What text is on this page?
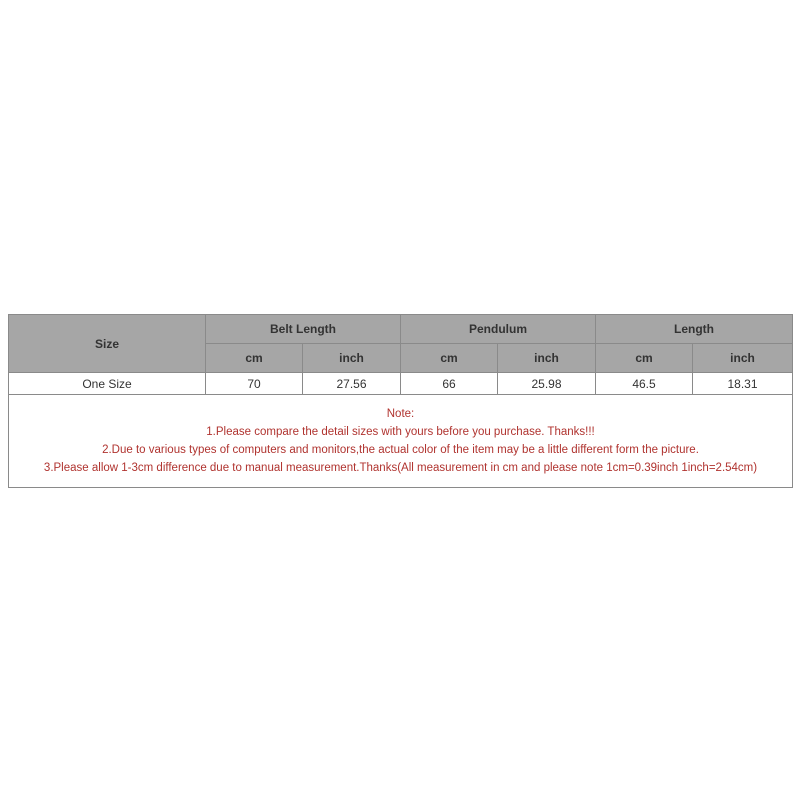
Size	Belt Length		Pendulum		Length	
	cm	inch	cm	inch	cm	inch
One Size	70	27.56	66	25.98	46.5	18.31

Note:
1.Please compare the detail sizes with yours before you purchase. Thanks!!!
2.Due to various types of computers and monitors,the actual color of the item may be a little different form the picture.
3.Please allow 1-3cm difference due to manual measurement.Thanks(All measurement in cm and please note 1cm=0.39inch 1inch=2.54cm)						
